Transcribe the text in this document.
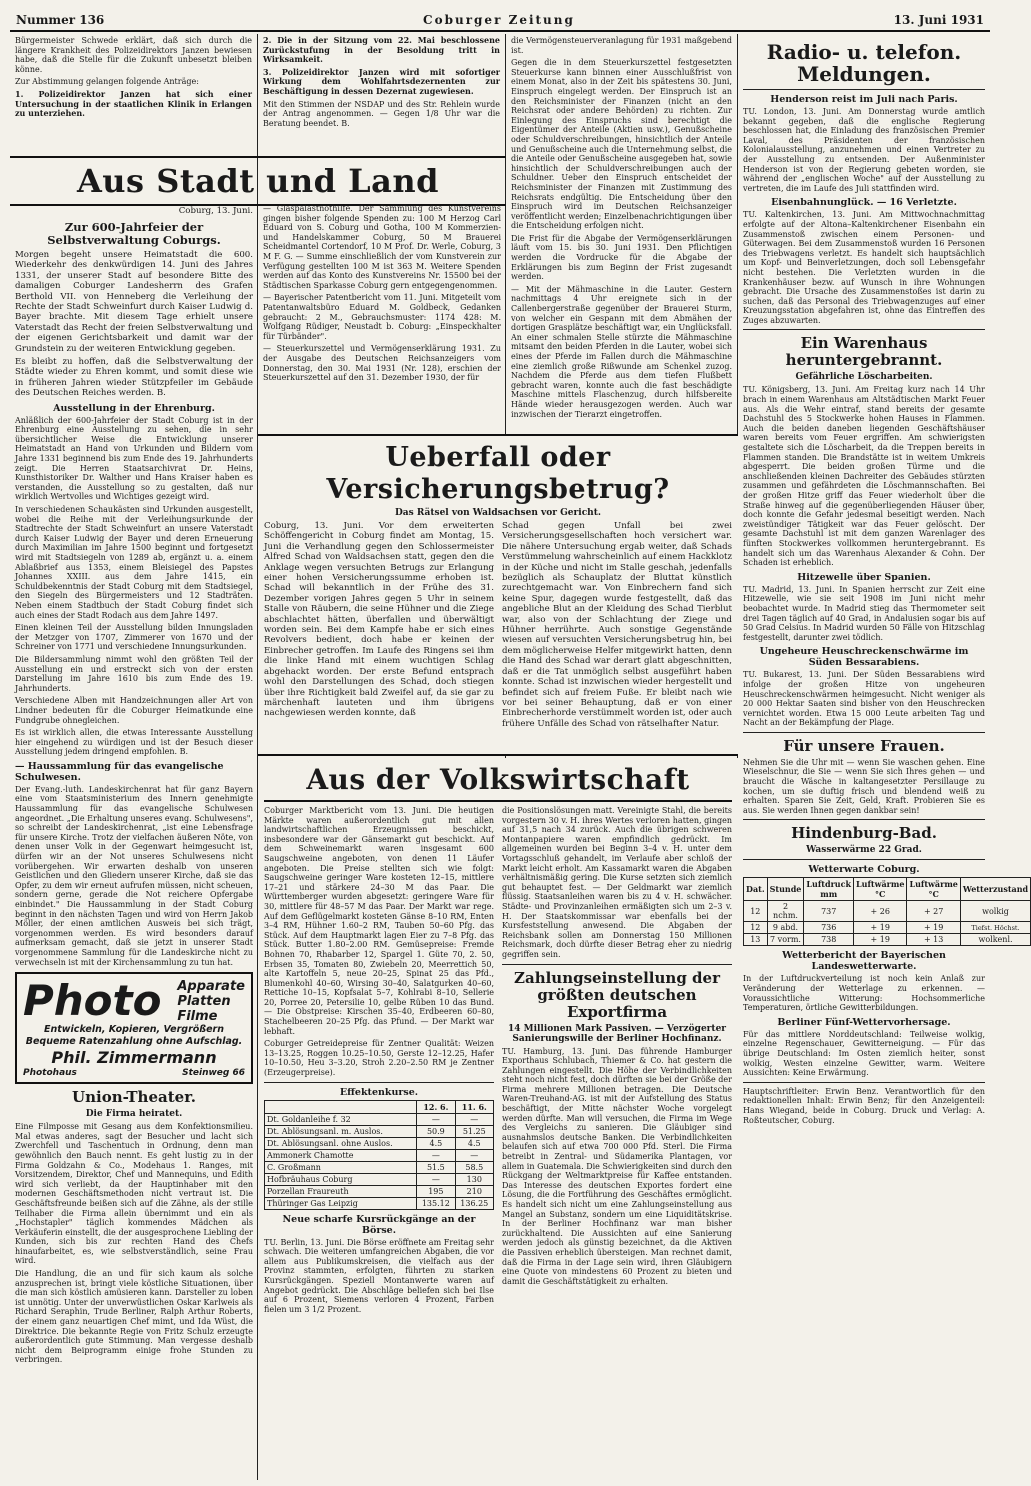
Nummer 136	Coburger Zeitung	13. Juni 1931

Bürgermeister Schwede erklärt, daß sich durch die längere Krankheit des Polizeidirektors Janzen bewiesen habe, daß die Stelle für die Zukunft unbesetzt bleiben könne.

Zur Abstimmung gelangen folgende Anträge:

1. Polizeidirektor Janzen hat sich einer Untersuchung in der staatlichen Klinik in Erlangen zu unterziehen.

2. Die in der Sitzung vom 22. Mai beschlossene Zurückstufung in der Besoldung tritt in Wirksamkeit.

3. Polizeidirektor Janzen wird mit sofortiger Wirkung dem Wohlfahrtsdezernenten zur Beschäftigung in dessen Dezernat zugewiesen.

Mit den Stimmen der NSDAP und des Str. Rehlein wurde der Antrag angenommen. — Gegen 1/8 Uhr war die Beratung beendet. B.

die Vermögensteuerveranlagung für 1931 maßgebend ist.

Gegen die in dem Steuerkurszettel festgesetzten Steuerkurse kann binnen einer Ausschlußfrist von einem Monat, also in der Zeit bis spätestens 30. Juni, Einspruch eingelegt werden. Der Einspruch ist an den Reichsminister der Finanzen (nicht an den Reichsrat oder andere Behörden) zu richten. Zur Einlegung des Einspruchs sind berechtigt die Eigentümer der Anteile (Aktien usw.), Genußscheine oder Schuldverschreibungen, hinsichtlich der Anteile und Genußscheine auch die Unternehmung selbst, die die Anteile oder Genußscheine ausgegeben hat, sowie hinsichtlich der Schuldverschreibungen auch der Schuldner. Ueber den Einspruch entscheidet der Reichsminister der Finanzen mit Zustimmung des Reichsrats endgültig. Die Entscheidung über den Einspruch wird im Deutschen Reichsanzeiger veröffentlicht werden; Einzelbenachrichtigungen über die Entscheidung erfolgen nicht.

Die Frist für die Abgabe der Vermögenserklärungen läuft vom 15. bis 30. Juni 1931. Den Pflichtigen werden die Vordrucke für die Abgabe der Erklärungen bis zum Beginn der Frist zugesandt werden.

— Mit der Mähmaschine in die Lauter. Gestern nachmittags 4 Uhr ereignete sich in der Callenbergerstraße gegenüber der Brauerei Sturm, von welcher ein Gespann mit dem Abmähen der dortigen Grasplätze beschäftigt war, ein Unglücksfall. An einer schmalen Stelle stürzte die Mähmaschine mitsamt den beiden Pferden in die Lauter, wobei sich eines der Pferde im Fallen durch die Mähmaschine eine ziemlich große Rißwunde am Schenkel zuzog. Nachdem die Pferde aus dem tiefen Flußbett gebracht waren, konnte auch die fast beschädigte Maschine mittels Flaschenzug, durch hilfsbereite Hände wieder herausgezogen werden. Auch war inzwischen der Tierarzt eingetroffen.

Radio- u. telefon. Meldungen.
Henderson reist im Juli nach Paris.

TU. London, 13. Juni. Am Donnerstag wurde amtlich bekannt gegeben, daß die englische Regierung beschlossen hat, die Einladung des französischen Premier Laval, des Präsidenten der französischen Kolonialausstellung, anzunehmen und einen Vertreter zu der Ausstellung zu entsenden. Der Außenminister Henderson ist von der Regierung gebeten worden, sie während der „englischen Woche" auf der Ausstellung zu vertreten, die im Laufe des Juli stattfinden wird.

Eisenbahnunglück. — 16 Verletzte.

TU. Kaltenkirchen, 13. Juni. Am Mittwochnachmittag erfolgte auf der Altona–Kaltenkirchener Eisenbahn ein Zusammenstoß zwischen einem Personen- und Güterwagen. Bei dem Zusammenstoß wurden 16 Personen des Triebwagens verletzt. Es handelt sich hauptsächlich um Kopf- und Beinverletzungen, doch soll Lebensgefahr nicht bestehen. Die Verletzten wurden in die Krankenhäuser bezw. auf Wunsch in ihre Wohnungen gebracht. Die Ursache des Zusammenstoßes ist darin zu suchen, daß das Personal des Triebwagenzuges auf einer Kreuzungsstation abgefahren ist, ohne das Eintreffen des Zuges abzuwarten.

Ein Warenhaus heruntergebrannt.
Gefährliche Löscharbeiten.

TU. Königsberg, 13. Juni. Am Freitag kurz nach 14 Uhr brach in einem Warenhaus am Altstädtischen Markt Feuer aus. Als die Wehr eintraf, stand bereits der gesamte Dachstuhl des 5 Stockwerke hohen Hauses in Flammen. Auch die beiden daneben liegenden Geschäftshäuser waren bereits vom Feuer ergriffen. Am schwierigsten gestaltete sich die Löscharbeit, da die Treppen bereits in Flammen standen. Die Brandstätte ist in weitem Umkreis abgesperrt. Die beiden großen Türme und die anschließenden kleinen Dachreiter des Gebäudes stürzten zusammen und gefährdeten die Löschmannschaften. Bei der großen Hitze griff das Feuer wiederholt über die Straße hinweg auf die gegenüberliegenden Häuser über, doch konnte die Gefahr jedesmal beseitigt werden. Nach zweistündiger Tätigkeit war das Feuer gelöscht. Der gesamte Dachstuhl ist mit dem ganzen Warenlager des fünften Stockwerkes vollkommen heruntergebrannt. Es handelt sich um das Warenhaus Alexander & Cohn. Der Schaden ist erheblich.

Hitzewelle über Spanien.

TU. Madrid, 13. Juni. In Spanien herrscht zur Zeit eine Hitzewelle, wie sie seit 1908 im Juni nicht mehr beobachtet wurde. In Madrid stieg das Thermometer seit drei Tagen täglich auf 40 Grad, in Andalusien sogar bis auf 50 Grad Celsius. In Madrid wurden 50 Fälle von Hitzschlag festgestellt, darunter zwei tödlich.

Ungeheure Heuschreckenschwärme im Süden Bessarabiens.

TU. Bukarest, 13. Juni. Der Süden Bessarabiens wird infolge der großen Hitze von ungeheuren Heuschreckenschwärmen heimgesucht. Nicht weniger als 20 000 Hektar Saaten sind bisher von den Heuschrecken vernichtet worden. Etwa 15 000 Leute arbeiten Tag und Nacht an der Bekämpfung der Plage.

Für unsere Frauen.

Nehmen Sie die Uhr mit — wenn Sie waschen gehen. Eine Wieselschnur, die Sie — wenn Sie sich Ihres gehen — und braucht die Wäsche in kaltangesetzter Persillauge zu kochen, um sie duftig frisch und blendend weiß zu erhalten. Sparen Sie Zeit, Geld, Kraft. Probieren Sie es aus. Sie werden Ihnen gegen dankbar sein!

Hindenburg-Bad.
Wasserwärme 22 Grad.
Wetterwarte Coburg.
Dat.	Stunde	Luftdruck mm	Luftwärme °C	Luftwärme °C	Wetterzustand
12	2 nchm.	737	+ 26	+ 27	wolkig
12	9 abd.	736	+ 19	+ 19	Tiefst. Höchst.
13	7 vorm.	738	+ 19	+ 13	wolkenl.
Wetterbericht der Bayerischen Landeswetterwarte.

In der Luftdruckverteilung ist noch kein Anlaß zur Veränderung der Wetterlage zu erkennen. — Voraussichtliche Witterung: Hochsommerliche Temperaturen, örtliche Gewitterbildungen.

Berliner Fünf-Wettervorhersage.

Für das mittlere Norddeutschland: Teilweise wolkig, einzelne Regenschauer, Gewitterneigung. — Für das übrige Deutschland: Im Osten ziemlich heiter, sonst wolkig, Westen einzelne Gewitter, warm. Weitere Aussichten: Keine Erwärmung.

Hauptschriftleiter: Erwin Benz. Verantwortlich für den redaktionellen Inhalt: Erwin Benz; für den Anzeigenteil: Hans Wiegand, beide in Coburg. Druck und Verlag: A. Roßteutscher, Coburg.

Aus Stadt und Land
Coburg, 13. Juni.
Zur 600-Jahrfeier der Selbstverwaltung Coburgs.

Morgen begeht unsere Heimatstadt die 600. Wiederkehr des denkwürdigen 14. Juni des Jahres 1331, der unserer Stadt auf besondere Bitte des damaligen Coburger Landesherrn des Grafen Berthold VII. von Henneberg die Verleihung der Rechte der Stadt Schweinfurt durch Kaiser Ludwig d. Bayer brachte. Mit diesem Tage erhielt unsere Vaterstadt das Recht der freien Selbstverwaltung und der eigenen Gerichtsbarkeit und damit war der Grundstein zu der weiteren Entwicklung gegeben.

Es bleibt zu hoffen, daß die Selbstverwaltung der Städte wieder zu Ehren kommt, und somit diese wie in früheren Jahren wieder Stützpfeiler im Gebäude des Deutschen Reiches werden. B.

Ausstellung in der Ehrenburg.

Anläßlich der 600-Jahrfeier der Stadt Coburg ist in der Ehrenburg eine Ausstellung zu sehen, die in sehr übersichtlicher Weise die Entwicklung unserer Heimatstadt an Hand von Urkunden und Bildern vom Jahre 1331 beginnend bis zum Ende des 19. Jahrhunderts zeigt. Die Herren Staatsarchivrat Dr. Heins, Kunsthistoriker Dr. Walther und Hans Kraiser haben es verstanden, die Ausstellung so zu gestalten, daß nur wirklich Wertvolles und Wichtiges gezeigt wird.

In verschiedenen Schaukästen sind Urkunden ausgestellt, wobei die Reihe mit der Verleihungsurkunde der Stadtrechte der Stadt Schweinfurt an unsere Vaterstadt durch Kaiser Ludwig der Bayer und deren Erneuerung durch Maximilian im Jahre 1500 beginnt und fortgesetzt wird mit Stadtsiegeln von 1289 ab, ergänzt u. a. einem Ablaßbrief aus 1353, einem Bleisiegel des Papstes Johannes XXIII. aus dem Jahre 1415, ein Schuldbekenntnis der Stadt Coburg mit dem Stadtsiegel, den Siegeln des Bürgermeisters und 12 Stadträten. Neben einem Stadtbuch der Stadt Coburg findet sich auch eines der Stadt Rodach aus dem Jahre 1497.

Einen kleinen Teil der Ausstellung bilden Innungsladen der Metzger von 1707, Zimmerer von 1670 und der Schreiner von 1771 und verschiedene Innungsurkunden.

Die Bildersammlung nimmt wohl den größten Teil der Ausstellung ein und erstreckt sich von der ersten Darstellung im Jahre 1610 bis zum Ende des 19. Jahrhunderts.

Verschiedene Alben mit Handzeichnungen aller Art von Lindner bedeuten für die Coburger Heimatkunde eine Fundgrube ohnegleichen.

Es ist wirklich allen, die etwas Interessante Ausstellung hier eingehend zu würdigen und ist der Besuch dieser Ausstellung jedem dringend empfohlen. B.

— Haussammlung für das evangelische Schulwesen.

Der Evang.-luth. Landeskirchenrat hat für ganz Bayern eine vom Staatsministerium des Innern genehmigte Haussammlung für das evangelische Schulwesen angeordnet. „Die Erhaltung unseres evang. Schulwesens", so schreibt der Landeskirchenrat, „ist eine Lebensfrage für unsere Kirche. Trotz der vielfachen äußeren Nöte, von denen unser Volk in der Gegenwart heimgesucht ist, dürfen wir an der Not unseres Schulwesens nicht vorübergehen. Wir erwarten deshalb von unseren Geistlichen und den Gliedern unserer Kirche, daß sie das Opfer, zu dem wir erneut aufrufen müssen, nicht scheuen, sondern gerne, gerade die Not reichere Opfergabe einbindet." Die Haussammlung in der Stadt Coburg beginnt in den nächsten Tagen und wird von Herrn Jakob Möller, der einen amtlichen Ausweis bei sich trägt, vorgenommen werden. Es wird besonders darauf aufmerksam gemacht, daß sie jetzt in unserer Stadt vorgenommene Sammlung für die Landeskirche nicht zu verwechseln ist mit der Kirchensammlung zu tun hat.

Photo Apparate
Platten
Filme
Entwickeln, Kopieren, Vergrößern
Bequeme Ratenzahlung ohne Aufschlag.
Phil. Zimmermann
Photohaus	Steinweg 66
Union-Theater.
Die Firma heiratet.

Eine Filmposse mit Gesang aus dem Konfektionsmilieu. Mal etwas anderes, sagt der Besucher und lacht sich Zwerchfell und Taschentuch in Ordnung, denn man gewöhnlich den Bauch nennt. Es geht lustig zu in der Firma Goldzahn & Co., Modehaus 1. Ranges, mit Vorsitzendem, Direktor, Chef und Mannequins, und Edith wird sich verliebt, da der Hauptinhaber mit den modernen Geschäftsmethoden nicht vertraut ist. Die Geschäftsfreunde beißen sich auf die Zähne, als der stille Teilhaber die Firma allein übernimmt und ein als „Hochstapler" täglich kommendes Mädchen als Verkäuferin einstellt, die der ausgesprochene Liebling der Kunden, sich bis zur rechten Hand des Chefs hinaufarbeitet, es, wie selbstverständlich, seine Frau wird.

Die Handlung, die an und für sich kaum als solche anzusprechen ist, bringt viele köstliche Situationen, über die man sich köstlich amüsieren kann. Darsteller zu loben ist unnötig. Unter der unverwüstlichen Oskar Karlweis als Richard Seraphin, Trude Berliner, Ralph Arthur Roberts, der einem ganz neuartigen Chef mimt, und Ida Wüst, die Direktrice. Die bekannte Regie von Fritz Schulz erzeugte außerordentlich gute Stimmung. Man vergesse deshalb nicht dem Beiprogramm einige frohe Stunden zu verbringen.

— Glaspalastnothilfe. Der Sammlung des Kunstvereins gingen bisher folgende Spenden zu: 100 M Herzog Carl Eduard von S. Coburg und Gotha, 100 M Kommerzien- und Handelskammer Coburg, 50 M Brauerei Scheidmantel Cortendorf, 10 M Prof. Dr. Werle, Coburg, 3 M F. G. — Summe einschließlich der vom Kunstverein zur Verfügung gestellten 100 M ist 363 M. Weitere Spenden werden auf das Konto des Kunstvereins Nr. 15500 bei der Städtischen Sparkasse Coburg gern entgegengenommen.

— Bayerischer Patentbericht vom 11. Juni. Mitgeteilt vom Patentanwaltsbüro Eduard M. Goldbeck, Gedanken gebraucht: 2 M., Gebrauchsmuster: 1174 428: M. Wolfgang Rüdiger, Neustadt b. Coburg: „Einspeckhalter für Türbänder".

— Steuerkurszettel und Vermögenserklärung 1931. Zu der Ausgabe des Deutschen Reichsanzeigers vom Donnerstag, den 30. Mai 1931 (Nr. 128), erschien der Steuerkurszettel auf den 31. Dezember 1930, der für

Ueberfall oder Versicherungsbetrug?
Das Rätsel von Waldsachsen vor Gericht.

Coburg, 13. Juni. Vor dem erweiterten Schöffengericht in Coburg findet am Montag, 15. Juni die Verhandlung gegen den Schlossermeister Alfred Schad von Waldsachsen statt, gegen den die Anklage wegen versuchten Betrugs zur Erlangung einer hohen Versicherungssumme erhoben ist. Schad will bekanntlich in der Frühe des 31. Dezember vorigen Jahres gegen 5 Uhr in seinem Stalle von Räubern, die seine Hühner und die Ziege abschlachtet hätten, überfallen und überwältigt worden sein. Bei dem Kampfe habe er sich eines Revolvers bedient, doch habe er keinen der Einbrecher getroffen. Im Laufe des Ringens sei ihm die linke Hand mit einem wuchtigen Schlag abgehackt worden. Der erste Befund entsprach wohl den Darstellungen des Schad, doch stiegen über ihre Richtigkeit bald Zweifel auf, da sie gar zu märchenhaft lauteten und ihm übrigens nachgewiesen werden konnte, daß

Schad gegen Unfall bei zwei Versicherungsgesellschaften hoch versichert war. Die nähere Untersuchung ergab weiter, daß Schads Verstümmelung wahrscheinlich auf einem Hackklotz in der Küche und nicht im Stalle geschah, jedenfalls bezüglich als Schauplatz der Bluttat künstlich zurechtgemacht war. Von Einbrechern fand sich keine Spur, dagegen wurde festgestellt, daß das angebliche Blut an der Kleidung des Schad Tierblut war, also von der Schlachtung der Ziege und Hühner herrührte. Auch sonstige Gegenstände wiesen auf versuchten Versicherungsbetrug hin, bei dem möglicherweise Helfer mitgewirkt hatten, denn die Hand des Schad war derart glatt abgeschnitten, daß er die Tat unmöglich selbst ausgeführt haben konnte. Schad ist inzwischen wieder hergestellt und befindet sich auf freiem Fuße. Er bleibt nach wie vor bei seiner Behauptung, daß er von einer Einbrecherhorde verstümmelt worden ist, oder auch frühere Unfälle des Schad von rätselhafter Natur.

Aus der Volkswirtschaft

Coburger Marktbericht vom 13. Juni. Die heutigen Märkte waren außerordentlich gut mit allen landwirtschaftlichen Erzeugnissen beschickt, insbesondere war der Gänsemarkt gut beschickt. Auf dem Schweinemarkt waren insgesamt 600 Saugschweine angeboten, von denen 11 Läufer angeboten. Die Preise stellten sich wie folgt: Saugschweine geringer Ware kosteten 12–15, mittlere 17–21 und stärkere 24–30 M das Paar. Die Württemberger wurden abgesetzt: geringere Ware für 30, mittlere für 48–57 M das Paar. Der Markt war rege. Auf dem Geflügelmarkt kosteten Gänse 8–10 RM, Enten 3–4 RM, Hühner 1.60–2 RM, Tauben 50–60 Pfg. das Stück. Auf dem Hauptmarkt lagen Eier zu 7–8 Pfg. das Stück. Butter 1.80–2.00 RM. Gemüsepreise: Fremde Bohnen 70, Rhabarber 12, Spargel 1. Güte 70, 2. 50, Erbsen 35, Tomaten 80, Zwiebeln 20, Meerrettich 50, alte Kartoffeln 5, neue 20–25, Spinat 25 das Pfd., Blumenkohl 40–60, Wirsing 30–40, Salatgurken 40–60, Rettiche 10–15, Kopfsalat 5–7, Kohlrabi 8–10, Sellerie 20, Porree 20, Petersilie 10, gelbe Rüben 10 das Bund. — Die Obstpreise: Kirschen 35–40, Erdbeeren 60–80, Stachelbeeren 20–25 Pfg. das Pfund. — Der Markt war lebhaft.

Coburger Getreidepreise für Zentner Qualität: Weizen 13–13.25, Roggen 10.25–10.50, Gerste 12–12.25, Hafer 10–10.50, Heu 3–3.20, Stroh 2.20–2.50 RM je Zentner (Erzeugerpreise).

Effektenkurse.
	12. 6.	11. 6.
Dt. Goldanleihe f. 32	—	—
Dt. Ablösungsanl. m. Auslos.	50.9	51.25
Dt. Ablösungsanl. ohne Auslos.	4.5	4.5
Ammonerk Chamotte	—	—
C. Großmann	51.5	58.5
Hofbräuhaus Coburg	—	130
Porzellan Fraureuth	195	210
Thüringer Gas Leipzig	135.12	136.25
Neue scharfe Kursrückgänge an der Börse.

TU. Berlin, 13. Juni. Die Börse eröffnete am Freitag sehr schwach. Die weiteren umfangreichen Abgaben, die vor allem aus Publikumskreisen, die vielfach aus der Provinz stammten, erfolgten, führten zu starken Kursrückgängen. Speziell Montanwerte waren auf Angebot gedrückt. Die Abschläge beliefen sich bei Ilse auf 6 Prozent, Siemens verloren 4 Prozent, Farben fielen um 3 1/2 Prozent.

die Positionslösungen matt. Vereinigte Stahl, die bereits vorgestern 30 v. H. ihres Wertes verloren hatten, gingen auf 31,5 nach 34 zurück. Auch die übrigen schweren Montanpapiere waren empfindlich gedrückt. Im allgemeinen wurden bei Beginn 3–4 v. H. unter dem Vortagsschluß gehandelt, im Verlaufe aber schloß der Markt leicht erholt. Am Kassamarkt waren die Abgaben verhältnismäßig gering. Die Kurse setzten sich ziemlich gut behauptet fest. — Der Geldmarkt war ziemlich flüssig. Staatsanleihen waren bis zu 4 v. H. schwächer. Städte- und Provinzanleihen ermäßigten sich um 2–3 v. H. Der Staatskommissar war ebenfalls bei der Kursfeststellung anwesend. Die Abgaben der Reichsbank sollen am Donnerstag 150 Millionen Reichsmark, doch dürfte dieser Betrag eher zu niedrig gegriffen sein.

Zahlungseinstellung der größten deutschen Exportfirma
14 Millionen Mark Passiven. — Verzögerter Sanierungswille der Berliner Hochfinanz.

TU. Hamburg, 13. Juni. Das führende Hamburger Exporthaus Schlubach, Thiemer & Co. hat gestern die Zahlungen eingestellt. Die Höhe der Verbindlichkeiten steht noch nicht fest, doch dürften sie bei der Größe der Firma mehrere Millionen betragen. Die Deutsche Waren-Treuhand-AG. ist mit der Aufstellung des Status beschäftigt, der Mitte nächster Woche vorgelegt werden dürfte. Man will versuchen, die Firma im Wege des Vergleichs zu sanieren. Die Gläubiger sind ausnahmslos deutsche Banken. Die Verbindlichkeiten belaufen sich auf etwa 700 000 Pfd. Sterl. Die Firma betreibt in Zentral- und Südamerika Plantagen, vor allem in Guatemala. Die Schwierigkeiten sind durch den Rückgang der Weltmarktpreise für Kaffee entstanden. Das Interesse des deutschen Exportes fordert eine Lösung, die die Fortführung des Geschäftes ermöglicht. Es handelt sich nicht um eine Zahlungseinstellung aus Mangel an Substanz, sondern um eine Liquiditätskrise. In der Berliner Hochfinanz war man bisher zurückhaltend. Die Aussichten auf eine Sanierung werden jedoch als günstig bezeichnet, da die Aktiven die Passiven erheblich übersteigen. Man rechnet damit, daß die Firma in der Lage sein wird, ihren Gläubigern eine Quote von mindestens 60 Prozent zu bieten und damit die Geschäftstätigkeit zu erhalten.
